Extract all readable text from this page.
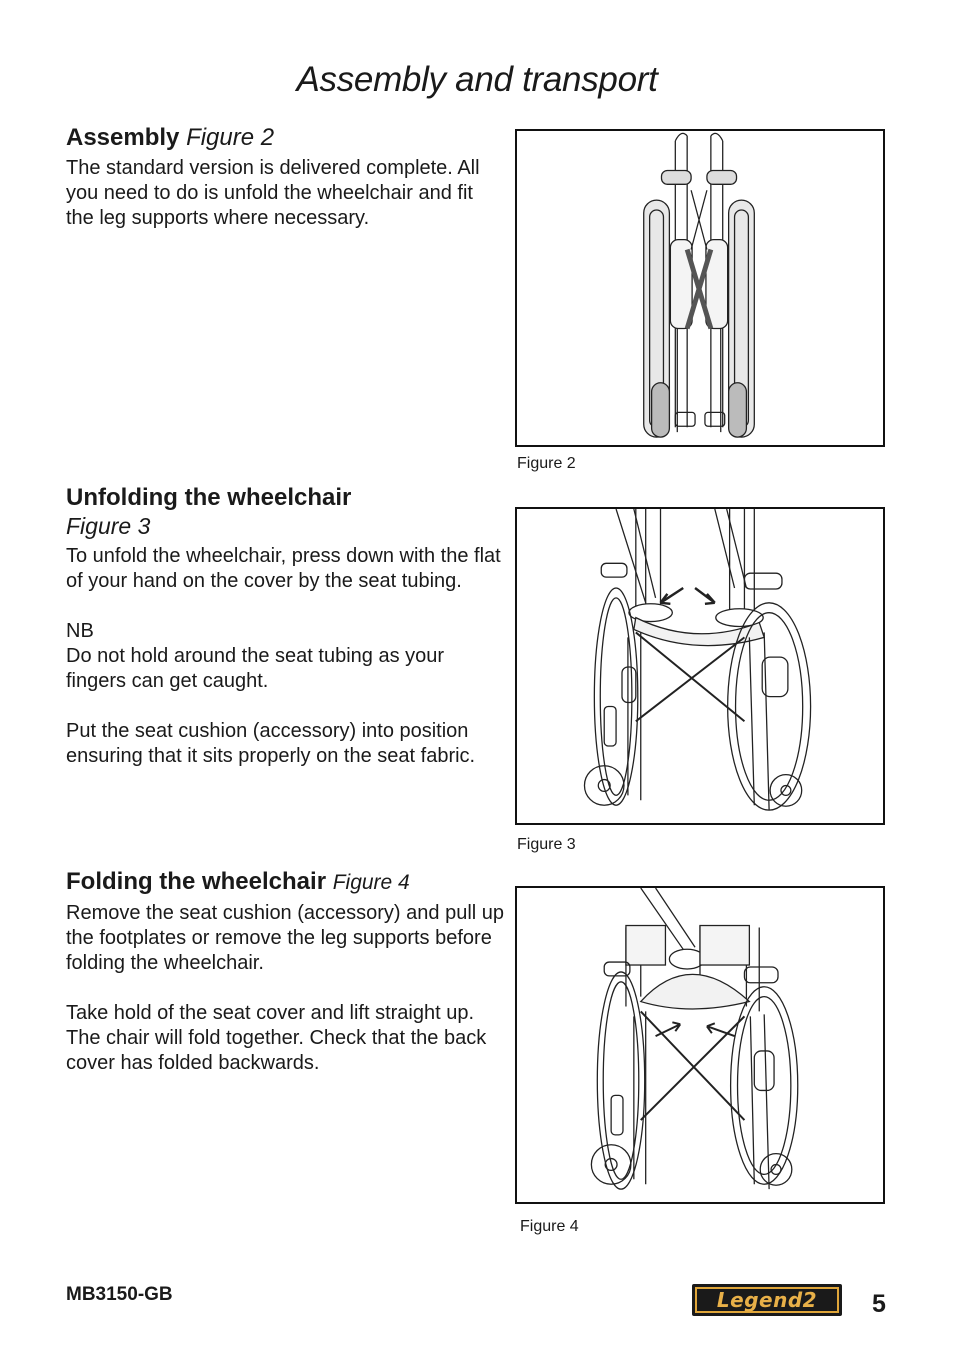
Assembly and transport

Assembly Figure 2

The standard version is delivered complete. All you need to do is unfold the wheelchair and fit the leg supports where necessary.

Unfolding the wheelchair
Figure 3

To unfold the wheelchair, press down with the flat of your hand on the cover by the seat tubing.

NB

Do not hold around the seat tubing as your fingers can get caught.

Put the seat cushion (accessory) into position ensuring that it sits properly on the seat fabric.

Folding the wheelchair Figure 4

Remove the seat cushion (accessory) and pull up the footplates or remove the leg supports before folding the wheelchair.

Take hold of the seat cover and lift straight up.

The chair will fold together. Check that the back cover has folded backwards.

Figure 2
Figure 3
Figure 4
MB3150-GB	Legend2	5
